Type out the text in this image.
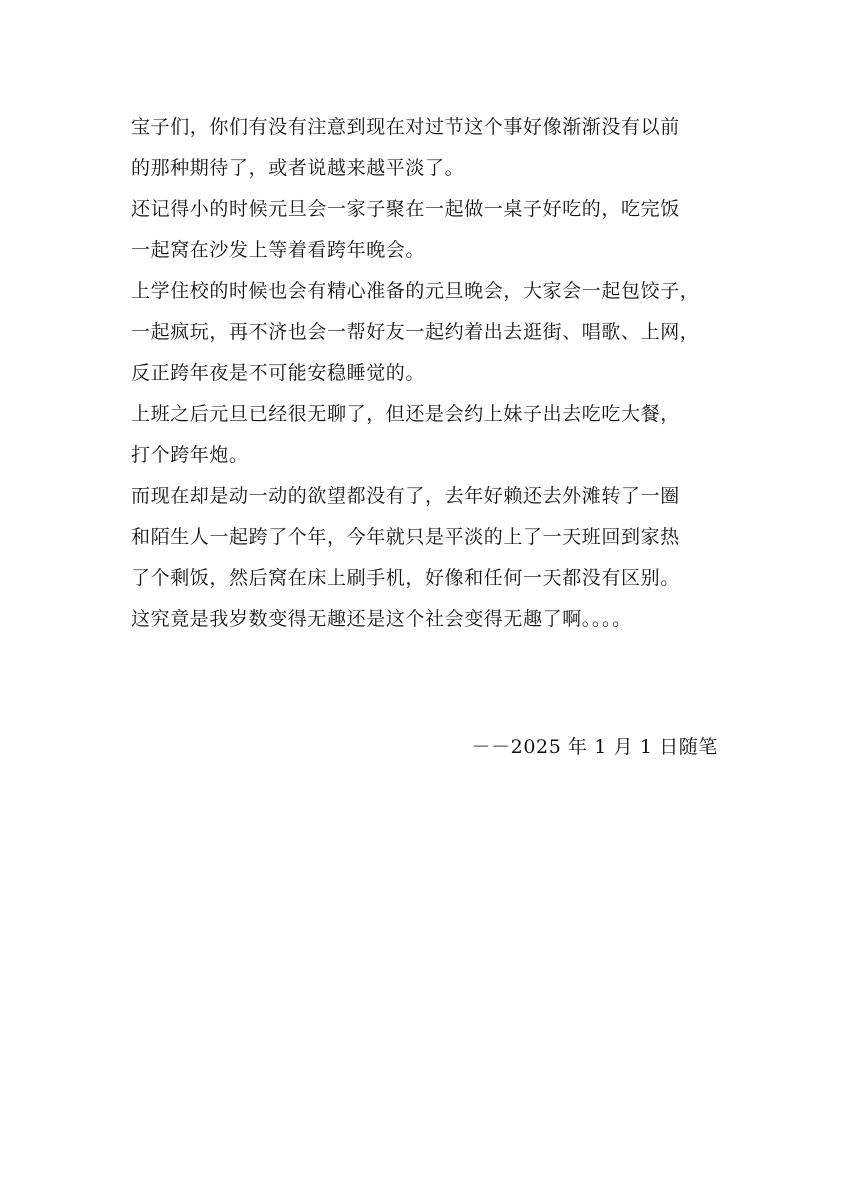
宝子们，你们有没有注意到现在对过节这个事好像渐渐没有以前
的那种期待了，或者说越来越平淡了。

还记得小的时候元旦会一家子聚在一起做一桌子好吃的，吃完饭
一起窝在沙发上等着看跨年晚会。

上学住校的时候也会有精心准备的元旦晚会，大家会一起包饺子，
一起疯玩，再不济也会一帮好友一起约着出去逛街、唱歌、上网，
反正跨年夜是不可能安稳睡觉的。

上班之后元旦已经很无聊了，但还是会约上妹子出去吃吃大餐，
打个跨年炮。

而现在却是动一动的欲望都没有了，去年好赖还去外滩转了一圈
和陌生人一起跨了个年，今年就只是平淡的上了一天班回到家热
了个剩饭，然后窝在床上刷手机，好像和任何一天都没有区别。
这究竟是我岁数变得无趣还是这个社会变得无趣了啊。。。。

－－2025 年 1 月 1 日随笔
